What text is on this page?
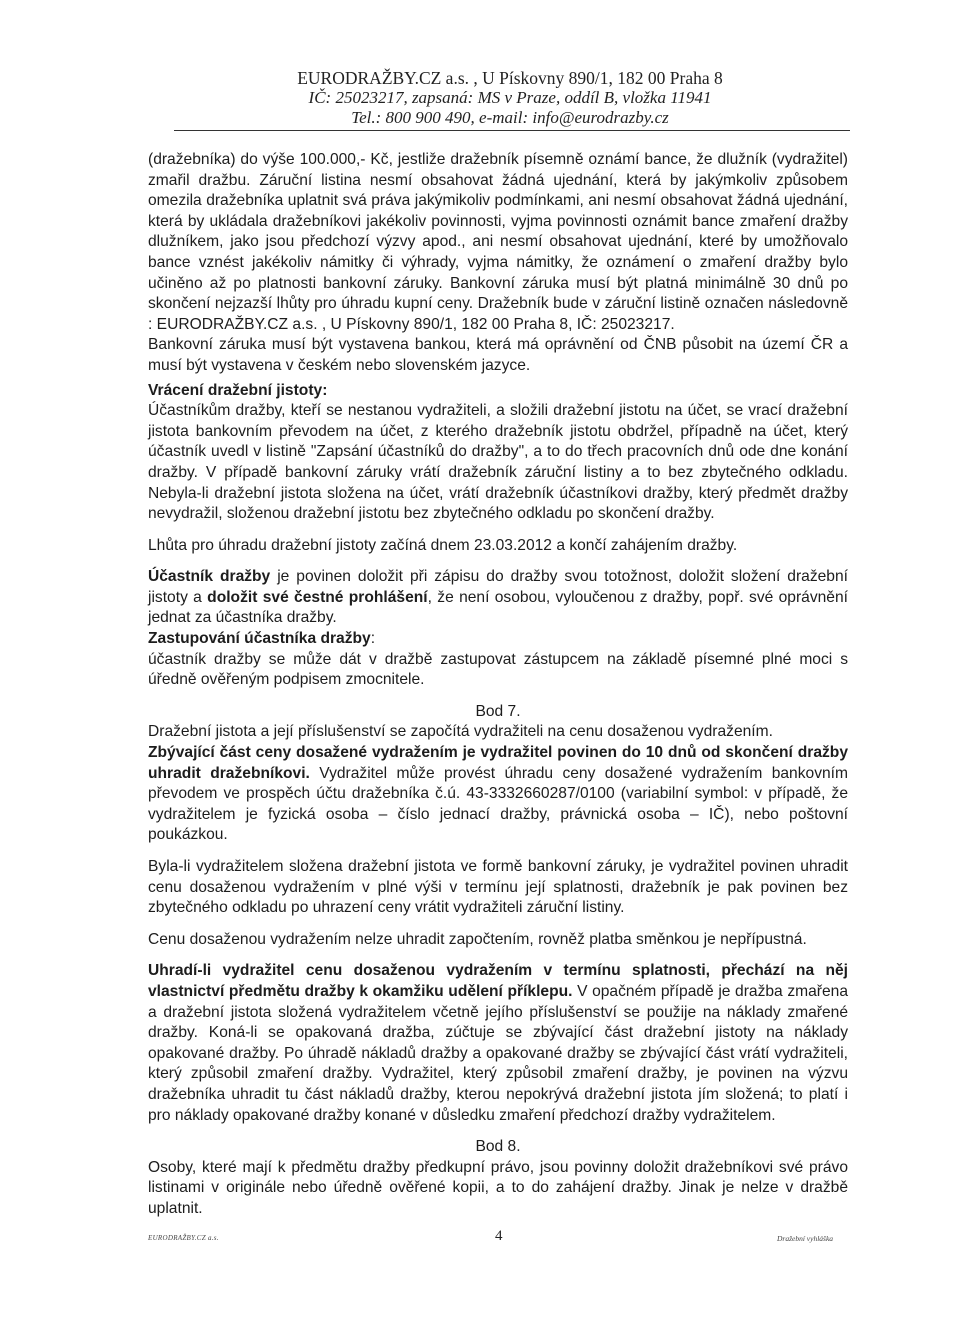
EURODRAŽBY.CZ a.s. , U Pískovny 890/1, 182 00 Praha 8
IČ: 25023217, zapsaná: MS v Praze, oddíl B, vložka 11941
Tel.: 800 900 490, e-mail: info@eurodrazby.cz

(dražebníka) do výše 100.000,- Kč, jestliže dražebník písemně oznámí bance, že dlužník (vydražitel) zmařil dražbu. Záruční listina nesmí obsahovat žádná ujednání, která by jakýmkoliv způsobem omezila dražebníka uplatnit svá práva jakýmikoliv podmínkami, ani nesmí obsahovat žádná ujednání, která by ukládala dražebníkovi jakékoliv povinnosti, vyjma povinnosti oznámit bance zmaření dražby dlužníkem, jako jsou předchozí výzvy apod., ani nesmí obsahovat ujednání, které by umožňovalo bance vznést jakékoliv námitky či výhrady, vyjma námitky, že oznámení o zmaření dražby bylo učiněno až po platnosti bankovní záruky. Bankovní záruka musí být platná minimálně 30 dnů po skončení nejzazší lhůty pro úhradu kupní ceny. Dražebník bude v záruční listině označen následovně : EURODRAŽBY.CZ a.s. , U Pískovny 890/1, 182 00 Praha 8, IČ: 25023217.

Bankovní záruka musí být vystavena bankou, která má oprávnění od ČNB působit na území ČR a musí být vystavena v českém nebo slovenském jazyce.

Vrácení dražební jistoty:

Účastníkům dražby, kteří se nestanou vydražiteli, a složili dražební jistotu na účet, se vrací dražební jistota bankovním převodem na účet, z kterého dražebník jistotu obdržel, případně na účet, který účastník uvedl v listině "Zapsání účastníků do dražby", a to do třech pracovních dnů ode dne konání dražby. V případě bankovní záruky vrátí dražebník záruční listiny a to bez zbytečného odkladu. Nebyla-li dražební jistota složena na účet, vrátí dražebník účastníkovi dražby, který předmět dražby nevydražil, složenou dražební jistotu bez zbytečného odkladu po skončení dražby.

Lhůta pro úhradu dražební jistoty začíná dnem 23.03.2012 a končí zahájením dražby.

Účastník dražby je povinen doložit při zápisu do dražby svou totožnost, doložit složení dražební jistoty a doložit své čestné prohlášení, že není osobou, vyloučenou z dražby, popř. své oprávnění jednat za účastníka dražby.

Zastupování účastníka dražby:

účastník dražby se může dát v dražbě zastupovat zástupcem na základě písemné plné moci s úředně ověřeným podpisem zmocnitele.

Bod 7.

Dražební jistota a její příslušenství se započítá vydražiteli na cenu dosaženou vydražením.

Zbývající část ceny dosažené vydražením je vydražitel povinen do 10 dnů od skončení dražby uhradit dražebníkovi. Vydražitel může provést úhradu ceny dosažené vydražením bankovním převodem ve prospěch účtu dražebníka č.ú. 43-3332660287/0100 (variabilní symbol: v případě, že vydražitelem je fyzická osoba – číslo jednací dražby, právnická osoba – IČ), nebo poštovní poukázkou.

Byla-li vydražitelem složena dražební jistota ve formě bankovní záruky, je vydražitel povinen uhradit cenu dosaženou vydražením v plné výši v termínu její splatnosti, dražebník je pak povinen bez zbytečného odkladu po uhrazení ceny vrátit vydražiteli záruční listiny.

Cenu dosaženou vydražením nelze uhradit započtením, rovněž platba směnkou je nepřípustná.

Uhradí-li vydražitel cenu dosaženou vydražením v termínu splatnosti, přechází na něj vlastnictví předmětu dražby k okamžiku udělení příklepu. V opačném případě je dražba zmařena a dražební jistota složená vydražitelem včetně jejího příslušenství se použije na náklady zmařené dražby. Koná-li se opakovaná dražba, zúčtuje se zbývající část dražební jistoty na náklady opakované dražby. Po úhradě nákladů dražby a opakované dražby se zbývající část vrátí vydražiteli, který způsobil zmaření dražby. Vydražitel, který způsobil zmaření dražby, je povinen na výzvu dražebníka uhradit tu část nákladů dražby, kterou nepokrývá dražební jistota jím složená; to platí i pro náklady opakované dražby konané v důsledku zmaření předchozí dražby vydražitelem.

Bod 8.

Osoby, které mají k předmětu dražby předkupní právo, jsou povinny doložit dražebníkovi své právo listinami v originále nebo úředně ověřené kopii, a to do zahájení dražby. Jinak je nelze v dražbě uplatnit.

EURODRAŽBY.CZ a.s.	4	Dražební vyhláška
